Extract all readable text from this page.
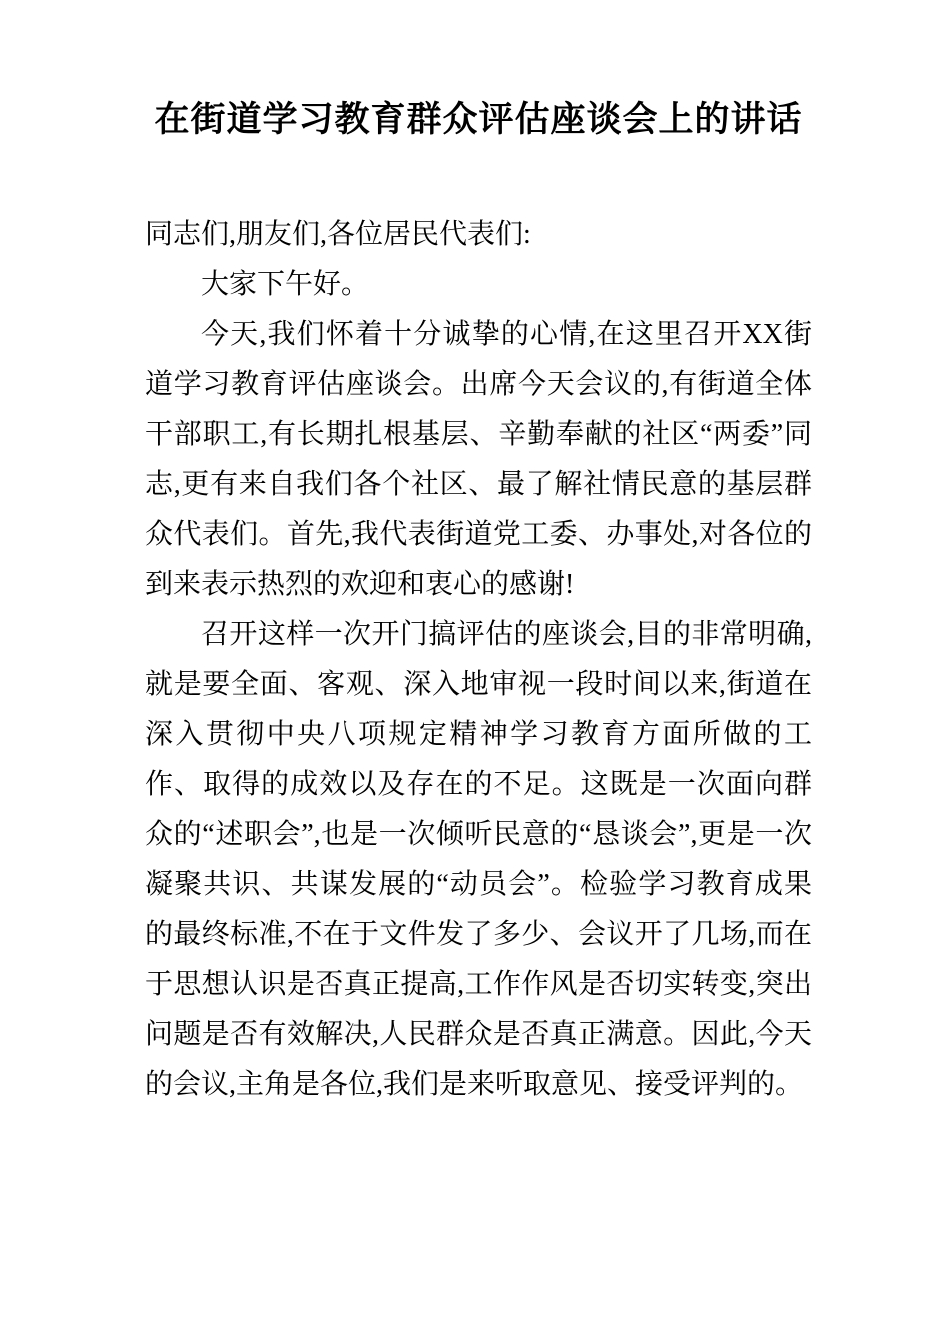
在街道学习教育群众评估座谈会上的讲话

同志们,朋友们,各位居民代表们:

大家下午好。

今天,我们怀着十分诚挚的心情,在这里召开XX街道学习教育评估座谈会。出席今天会议的,有街道全体干部职工,有长期扎根基层、辛勤奉献的社区“两委”同志,更有来自我们各个社区、最了解社情民意的基层群众代表们。首先,我代表街道党工委、办事处,对各位的到来表示热烈的欢迎和衷心的感谢!

召开这样一次开门搞评估的座谈会,目的非常明确,就是要全面、客观、深入地审视一段时间以来,街道在深入贯彻中央八项规定精神学习教育方面所做的工作、取得的成效以及存在的不足。这既是一次面向群众的“述职会”,也是一次倾听民意的“恳谈会”,更是一次凝聚共识、共谋发展的“动员会”。检验学习教育成果的最终标准,不在于文件发了多少、会议开了几场,而在于思想认识是否真正提高,工作作风是否切实转变,突出问题是否有效解决,人民群众是否真正满意。因此,今天的会议,主角是各位,我们是来听取意见、接受评判的。
